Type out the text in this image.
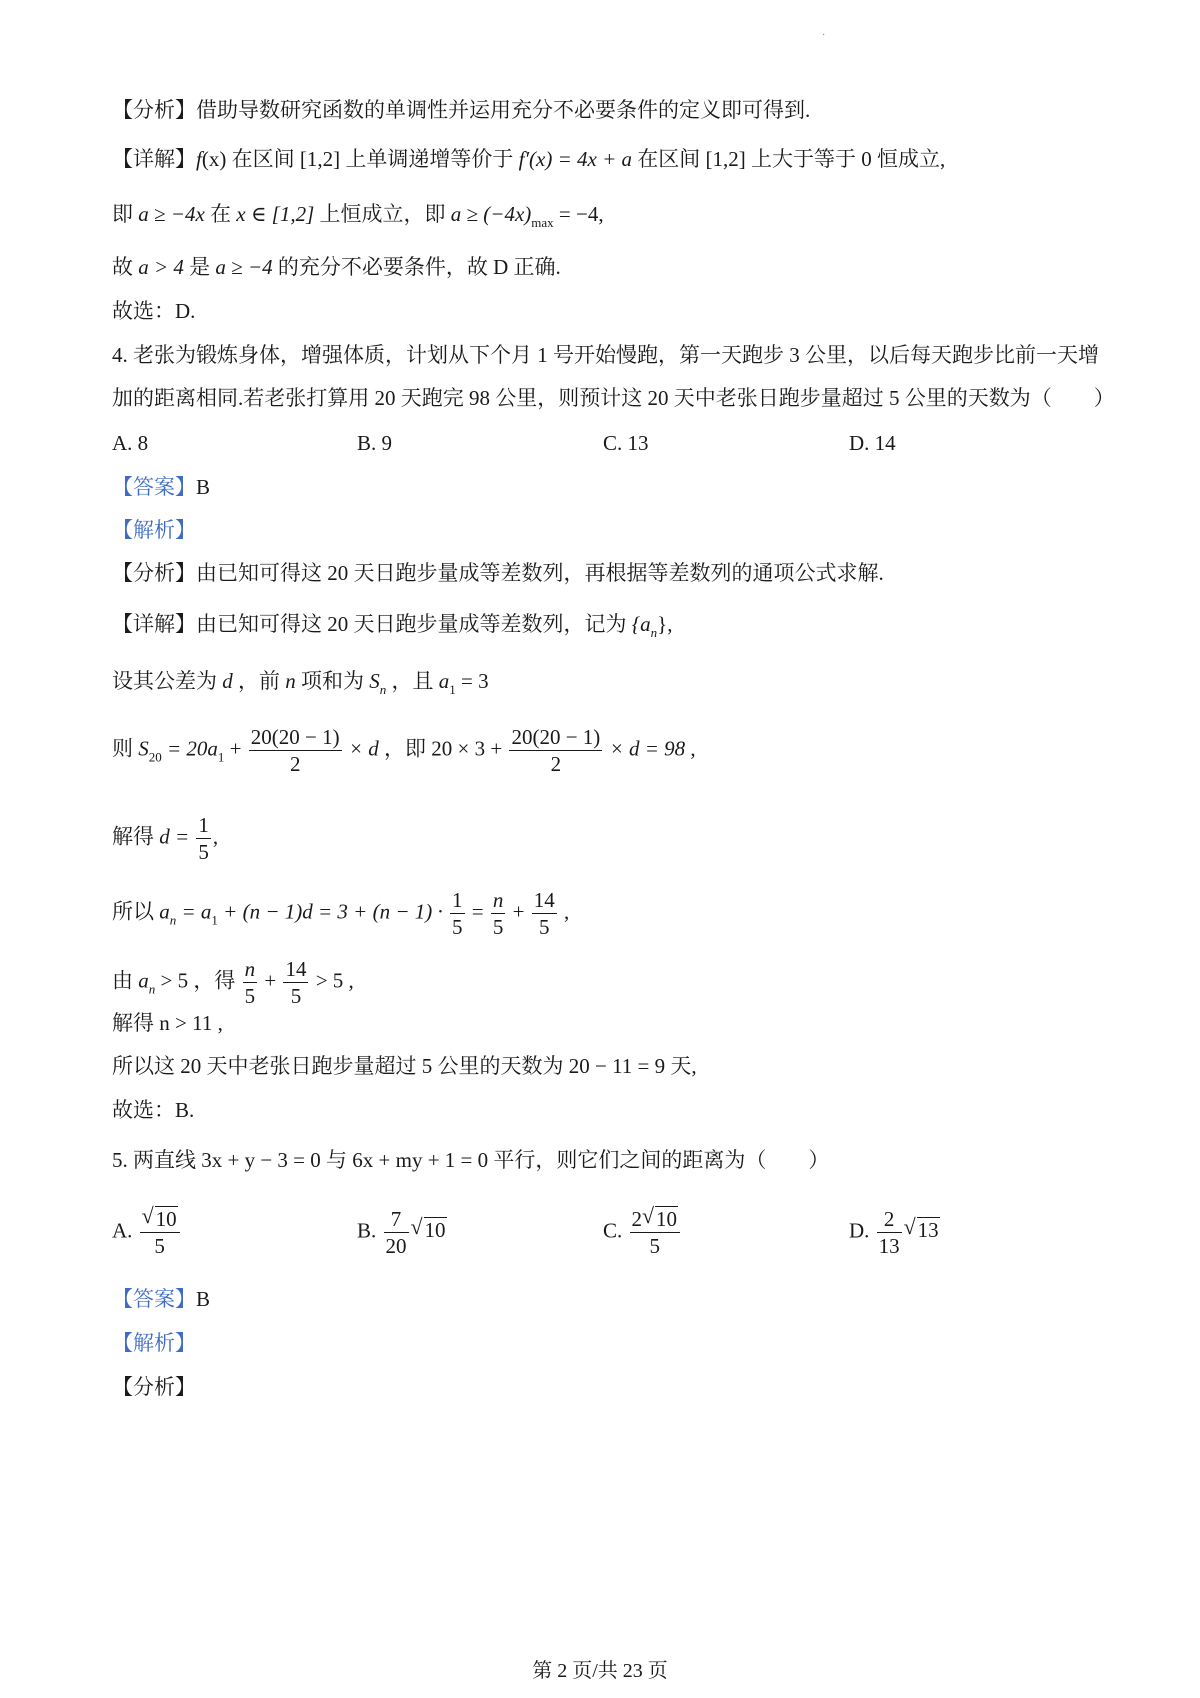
·
【分析】借助导数研究函数的单调性并运用充分不必要条件的定义即可得到.
【详解】f(x) 在区间 [1,2] 上单调递增等价于 f′(x) = 4x + a 在区间 [1,2] 上大于等于 0 恒成立,
即 a ≥ −4x 在 x ∈ [1,2] 上恒成立，即 $a \ge (-4x)_{max} = -4$,
故 a > 4 是 a ≥ −4 的充分不必要条件，故 D 正确.
故选：D.
4. 老张为锻炼身体，增强体质，计划从下个月 1 号开始慢跑，第一天跑步 3 公里，以后每天跑步比前一天增
加的距离相同.若老张打算用 20 天跑完 98 公里，则预计这 20 天中老张日跑步量超过 5 公里的天数为（　　）
A. 8	B. 9	C. 13	D. 14
【答案】B
【解析】
【分析】由已知可得这 20 天日跑步量成等差数列，再根据等差数列的通项公式求解.
【详解】由已知可得这 20 天日跑步量成等差数列，记为 $\{a_n\}$,
设其公差为 d ，前 n 项和为 $S_n$ ，且 $a_1 = 3$
则 $S_{20} = 20a_1 + \frac{20(20 - 1)}{2} \times d$ ，即 $20 \times 3 + \frac{20(20 - 1)}{2} \times d = 98$ ,
解得 $d = \frac{1}{5}$ ,
所以 $a_n = a_1 + (n - 1)d = 3 + (n - 1) \cdot \frac{1}{5} = \frac{n}{5} + \frac{14}{5}$ ,
由 $a_n > 5$ ，得 $\frac{n}{5} + \frac{14}{5} > 5$ ,
解得 n > 11 ,
所以这 20 天中老张日跑步量超过 5 公里的天数为 20 − 11 = 9 天,
故选：B.
5. 两直线 3x + y − 3 = 0 与 6x + my + 1 = 0 平行，则它们之间的距离为（　　）
A. $\frac{√ 10}{5}$	B. $\frac{7}{20}$ √ 10	C. $\frac{2 √ 10}{5}$	D. $\frac{2}{13}$ √ 13
【答案】B
【解析】
【分析】
第 2 页/共 23 页
